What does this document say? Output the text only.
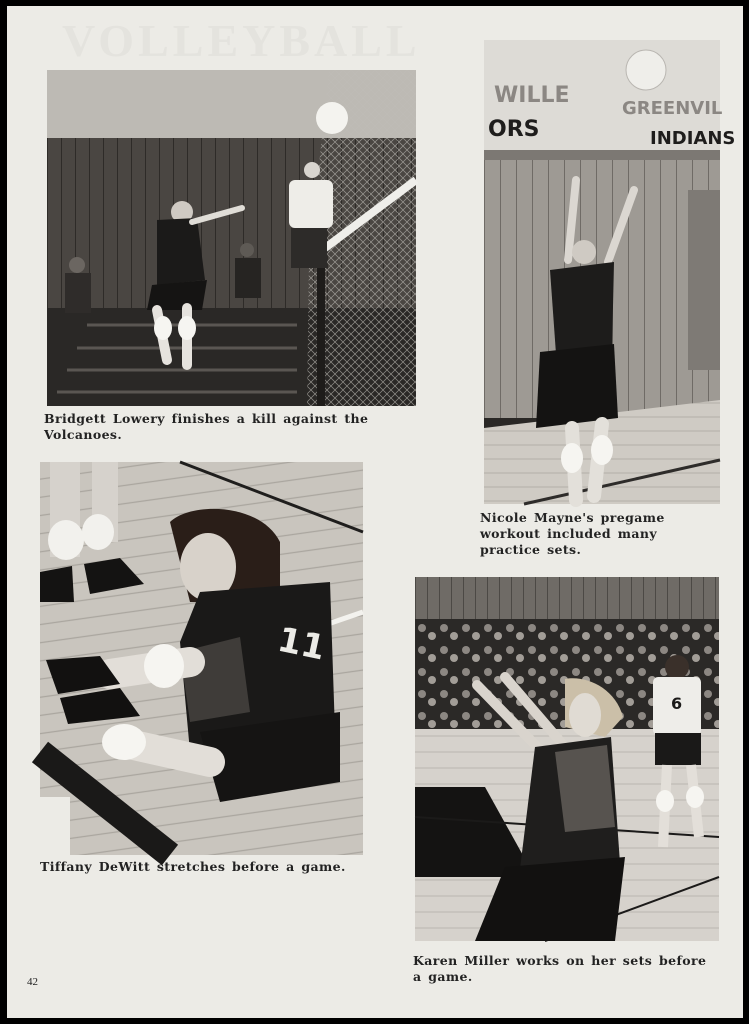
VOLLEYBALL
Bridgett Lowery finishes a kill against the Volcanoes.
WILLE
ORS
GREENVIL
INDIANS
Nicole Mayne's pregame workout included many practice sets.
11
Tiffany DeWitt stretches before a game.
6
Karen Miller works on her sets before a game.
42
